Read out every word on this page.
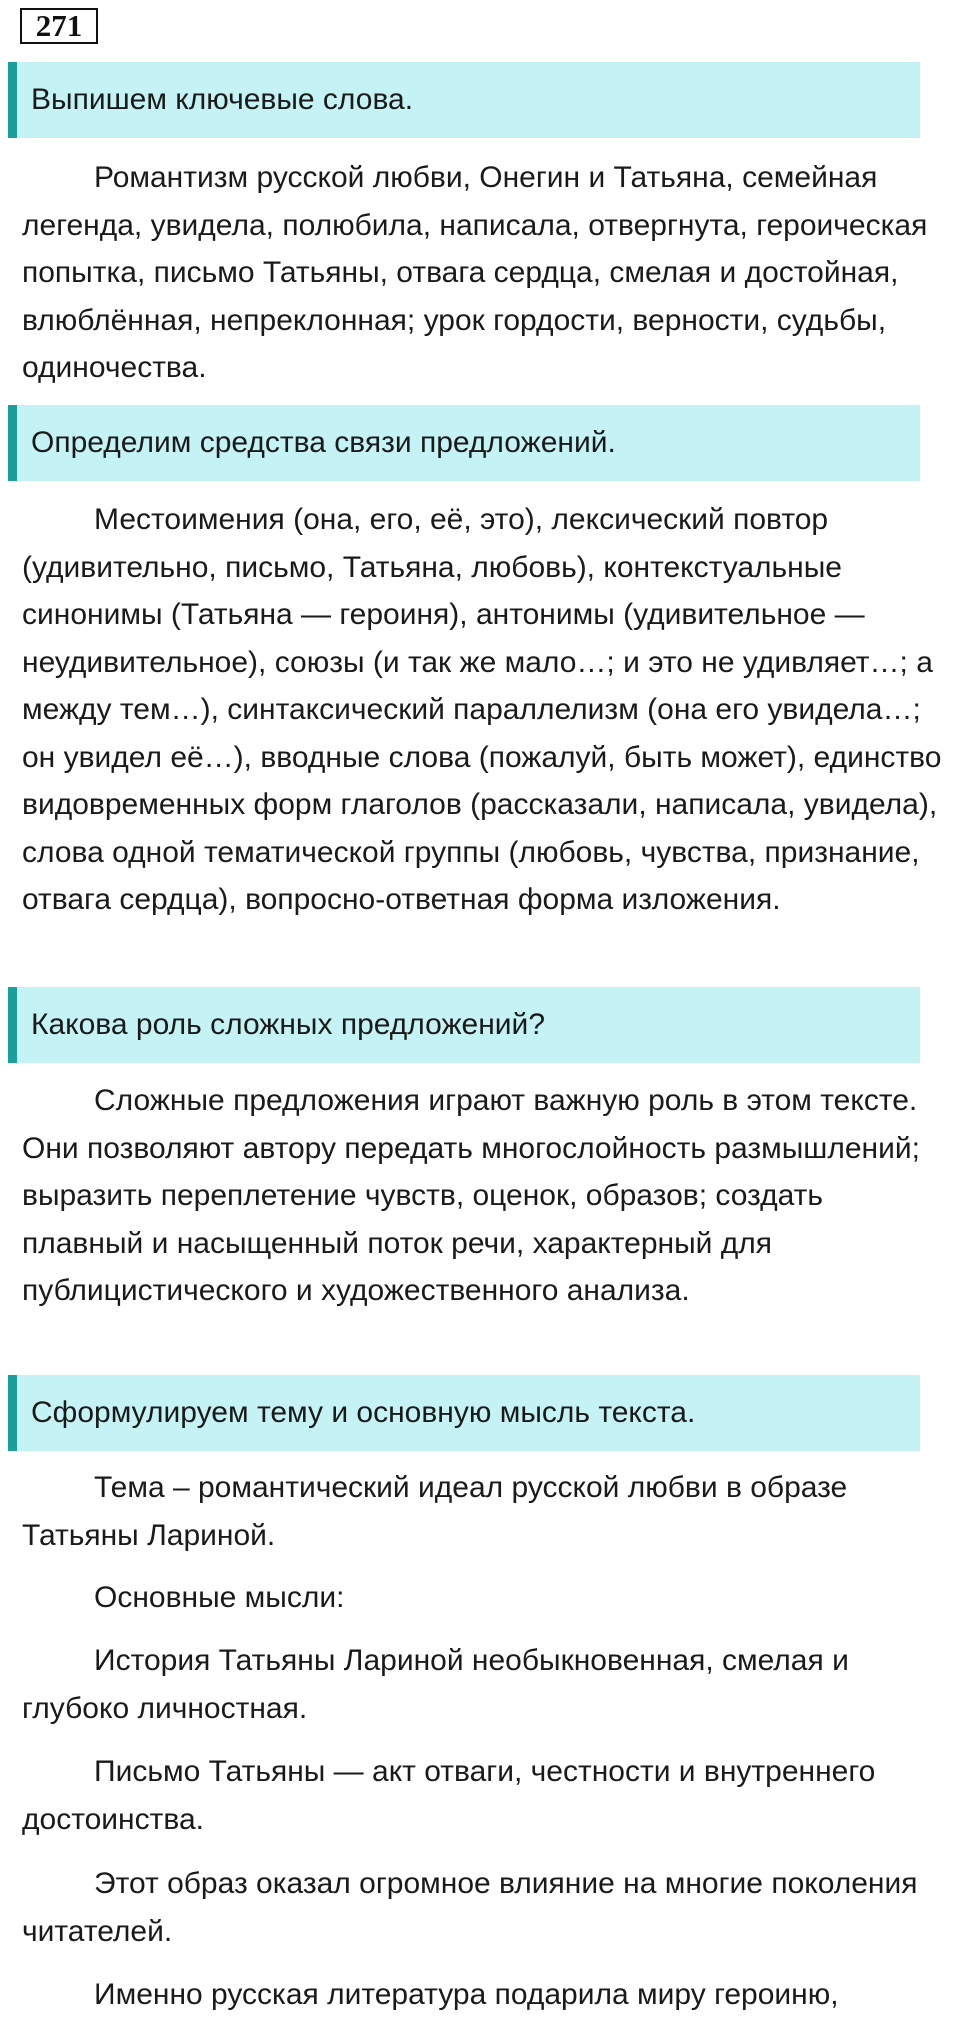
271
Выпишем ключевые слова.
Романтизм русской любви, Онегин и Татьяна, семейная легенда, увидела, полюбила, написала, отвергнута, героическая попытка, письмо Татьяны, отвага сердца, смелая и достойная, влюблённая, непреклонная; урок гордости, верности, судьбы, одиночества.
Определим средства связи предложений.
Местоимения (она, его, её, это), лексический повтор (удивительно, письмо, Татьяна, любовь), контекстуальные синонимы (Татьяна — героиня), антонимы (удивительное — неудивительное), союзы (и так же мало…; и это не удивляет…; а между тем…), синтаксический параллелизм (она его увидела…; он увидел её…), вводные слова (пожалуй, быть может), единство видовременных форм глаголов (рассказали, написала, увидела), слова одной тематической группы (любовь, чувства, признание, отвага сердца), вопросно-ответная форма изложения.
Какова роль сложных предложений?
Сложные предложения играют важную роль в этом тексте. Они позволяют автору передать многослойность размышлений; выразить переплетение чувств, оценок, образов; создать плавный и насыщенный поток речи, характерный для публицистического и художественного анализа.
Сформулируем тему и основную мысль текста.
Тема – романтический идеал русской любви в образе Татьяны Лариной.
Основные мысли:
История Татьяны Лариной необыкновенная, смелая и глубоко личностная.
Письмо Татьяны — акт отваги, честности и внутреннего достоинства.
Этот образ оказал огромное влияние на многие поколения читателей.
Именно русская литература подарила миру героиню,
